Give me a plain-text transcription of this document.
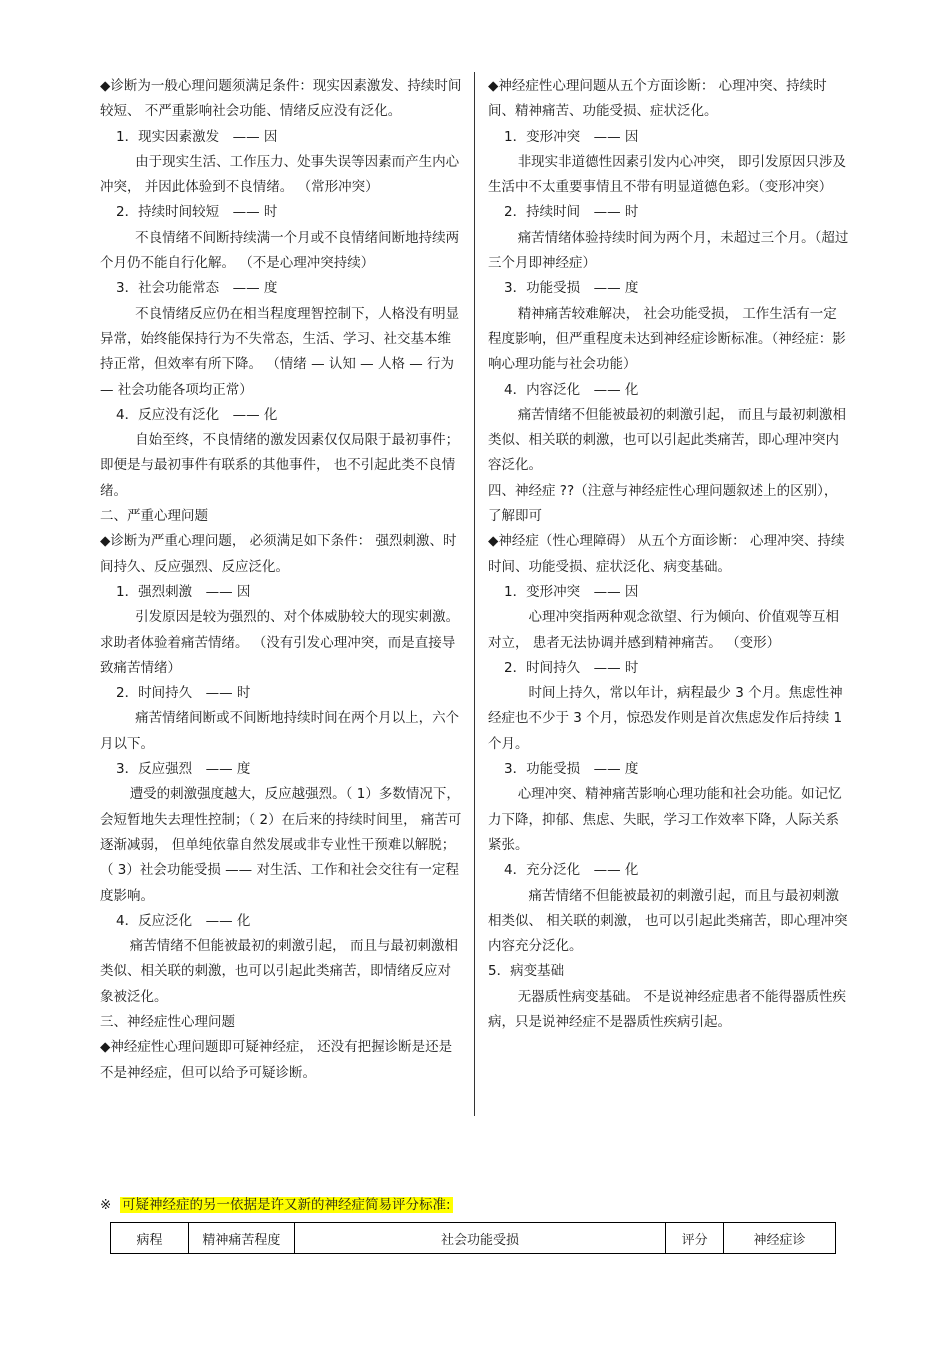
◆诊断为一般心理问题须满足条件：现实因素激发、持续时间较短、 不严重影响社会功能、情绪反应没有泛化。

1．现实因素激发　—— 因

由于现实生活、工作压力、处事失误等因素而产生内心冲突， 并因此体验到不良情绪。 （常形冲突）

2．持续时间较短　—— 时

不良情绪不间断持续满一个月或不良情绪间断地持续两个月仍不能自行化解。 （不是心理冲突持续）

3．社会功能常态　—— 度

不良情绪反应仍在相当程度理智控制下，人格没有明显异常，始终能保持行为不失常态，生活、学习、社交基本维持正常，但效率有所下降。 （情绪 — 认知 — 人格 — 行为 — 社会功能各项均正常）

4．反应没有泛化　—— 化

自始至终，不良情绪的激发因素仅仅局限于最初事件； 即便是与最初事件有联系的其他事件， 也不引起此类不良情绪。

二、严重心理问题

◆诊断为严重心理问题， 必须满足如下条件： 强烈刺激、时间持久、反应强烈、反应泛化。

1．强烈刺激　—— 因

引发原因是较为强烈的、对个体威胁较大的现实刺激。求助者体验着痛苦情绪。 （没有引发心理冲突，而是直接导致痛苦情绪）

2．时间持久　—— 时

痛苦情绪间断或不间断地持续时间在两个月以上，六个月以下。

3．反应强烈　—— 度

遭受的刺激强度越大，反应越强烈。（ 1）多数情况下，会短暂地失去理性控制；（ 2）在后来的持续时间里， 痛苦可逐渐减弱， 但单纯依靠自然发展或非专业性干预难以解脱；（ 3）社会功能受损 —— 对生活、工作和社会交往有一定程度影响。

4．反应泛化　—— 化

痛苦情绪不但能被最初的刺激引起， 而且与最初刺激相类似、相关联的刺激，也可以引起此类痛苦，即情绪反应对象被泛化。

三、神经症性心理问题

◆神经症性心理问题即可疑神经症， 还没有把握诊断是还是不是神经症，但可以给予可疑诊断。

◆神经症性心理问题从五个方面诊断： 心理冲突、持续时间、精神痛苦、功能受损、症状泛化。

1．变形冲突　—— 因

非现实非道德性因素引发内心冲突， 即引发原因只涉及生活中不太重要事情且不带有明显道德色彩。（变形冲突）

2．持续时间　—— 时

痛苦情绪体验持续时间为两个月，未超过三个月。（超过三个月即神经症）

3．功能受损　—— 度

精神痛苦较难解决， 社会功能受损， 工作生活有一定程度影响，但严重程度未达到神经症诊断标准。（神经症：影响心理功能与社会功能）

4．内容泛化　—— 化

痛苦情绪不但能被最初的刺激引起， 而且与最初刺激相类似、相关联的刺激，也可以引起此类痛苦，即心理冲突内容泛化。

四、神经症 ??（注意与神经症性心理问题叙述上的区别），了解即可

◆神经症（性心理障碍） 从五个方面诊断： 心理冲突、持续时间、功能受损、症状泛化、病变基础。

1．变形冲突　—— 因

心理冲突指两种观念欲望、行为倾向、价值观等互相对立， 患者无法协调并感到精神痛苦。 （变形）

2．时间持久　—— 时

时间上持久，常以年计，病程最少 3 个月。焦虑性神经症也不少于 3 个月，惊恐发作则是首次焦虑发作后持续 1 个月。

3．功能受损　—— 度

心理冲突、精神痛苦影响心理功能和社会功能。如记忆力下降，抑郁、焦虑、失眠，学习工作效率下降，人际关系紧张。

4．充分泛化　—— 化

痛苦情绪不但能被最初的刺激引起，而且与最初刺激相类似、 相关联的刺激， 也可以引起此类痛苦，即心理冲突内容充分泛化。

5．病变基础

无器质性病变基础。 不是说神经症患者不能得器质性疾病，只是说神经症不是器质性疾病引起。

※ 可疑神经症的另一依据是许又新的神经症简易评分标准:
病程	精神痛苦程度	社会功能受损	评分	神经症诊
